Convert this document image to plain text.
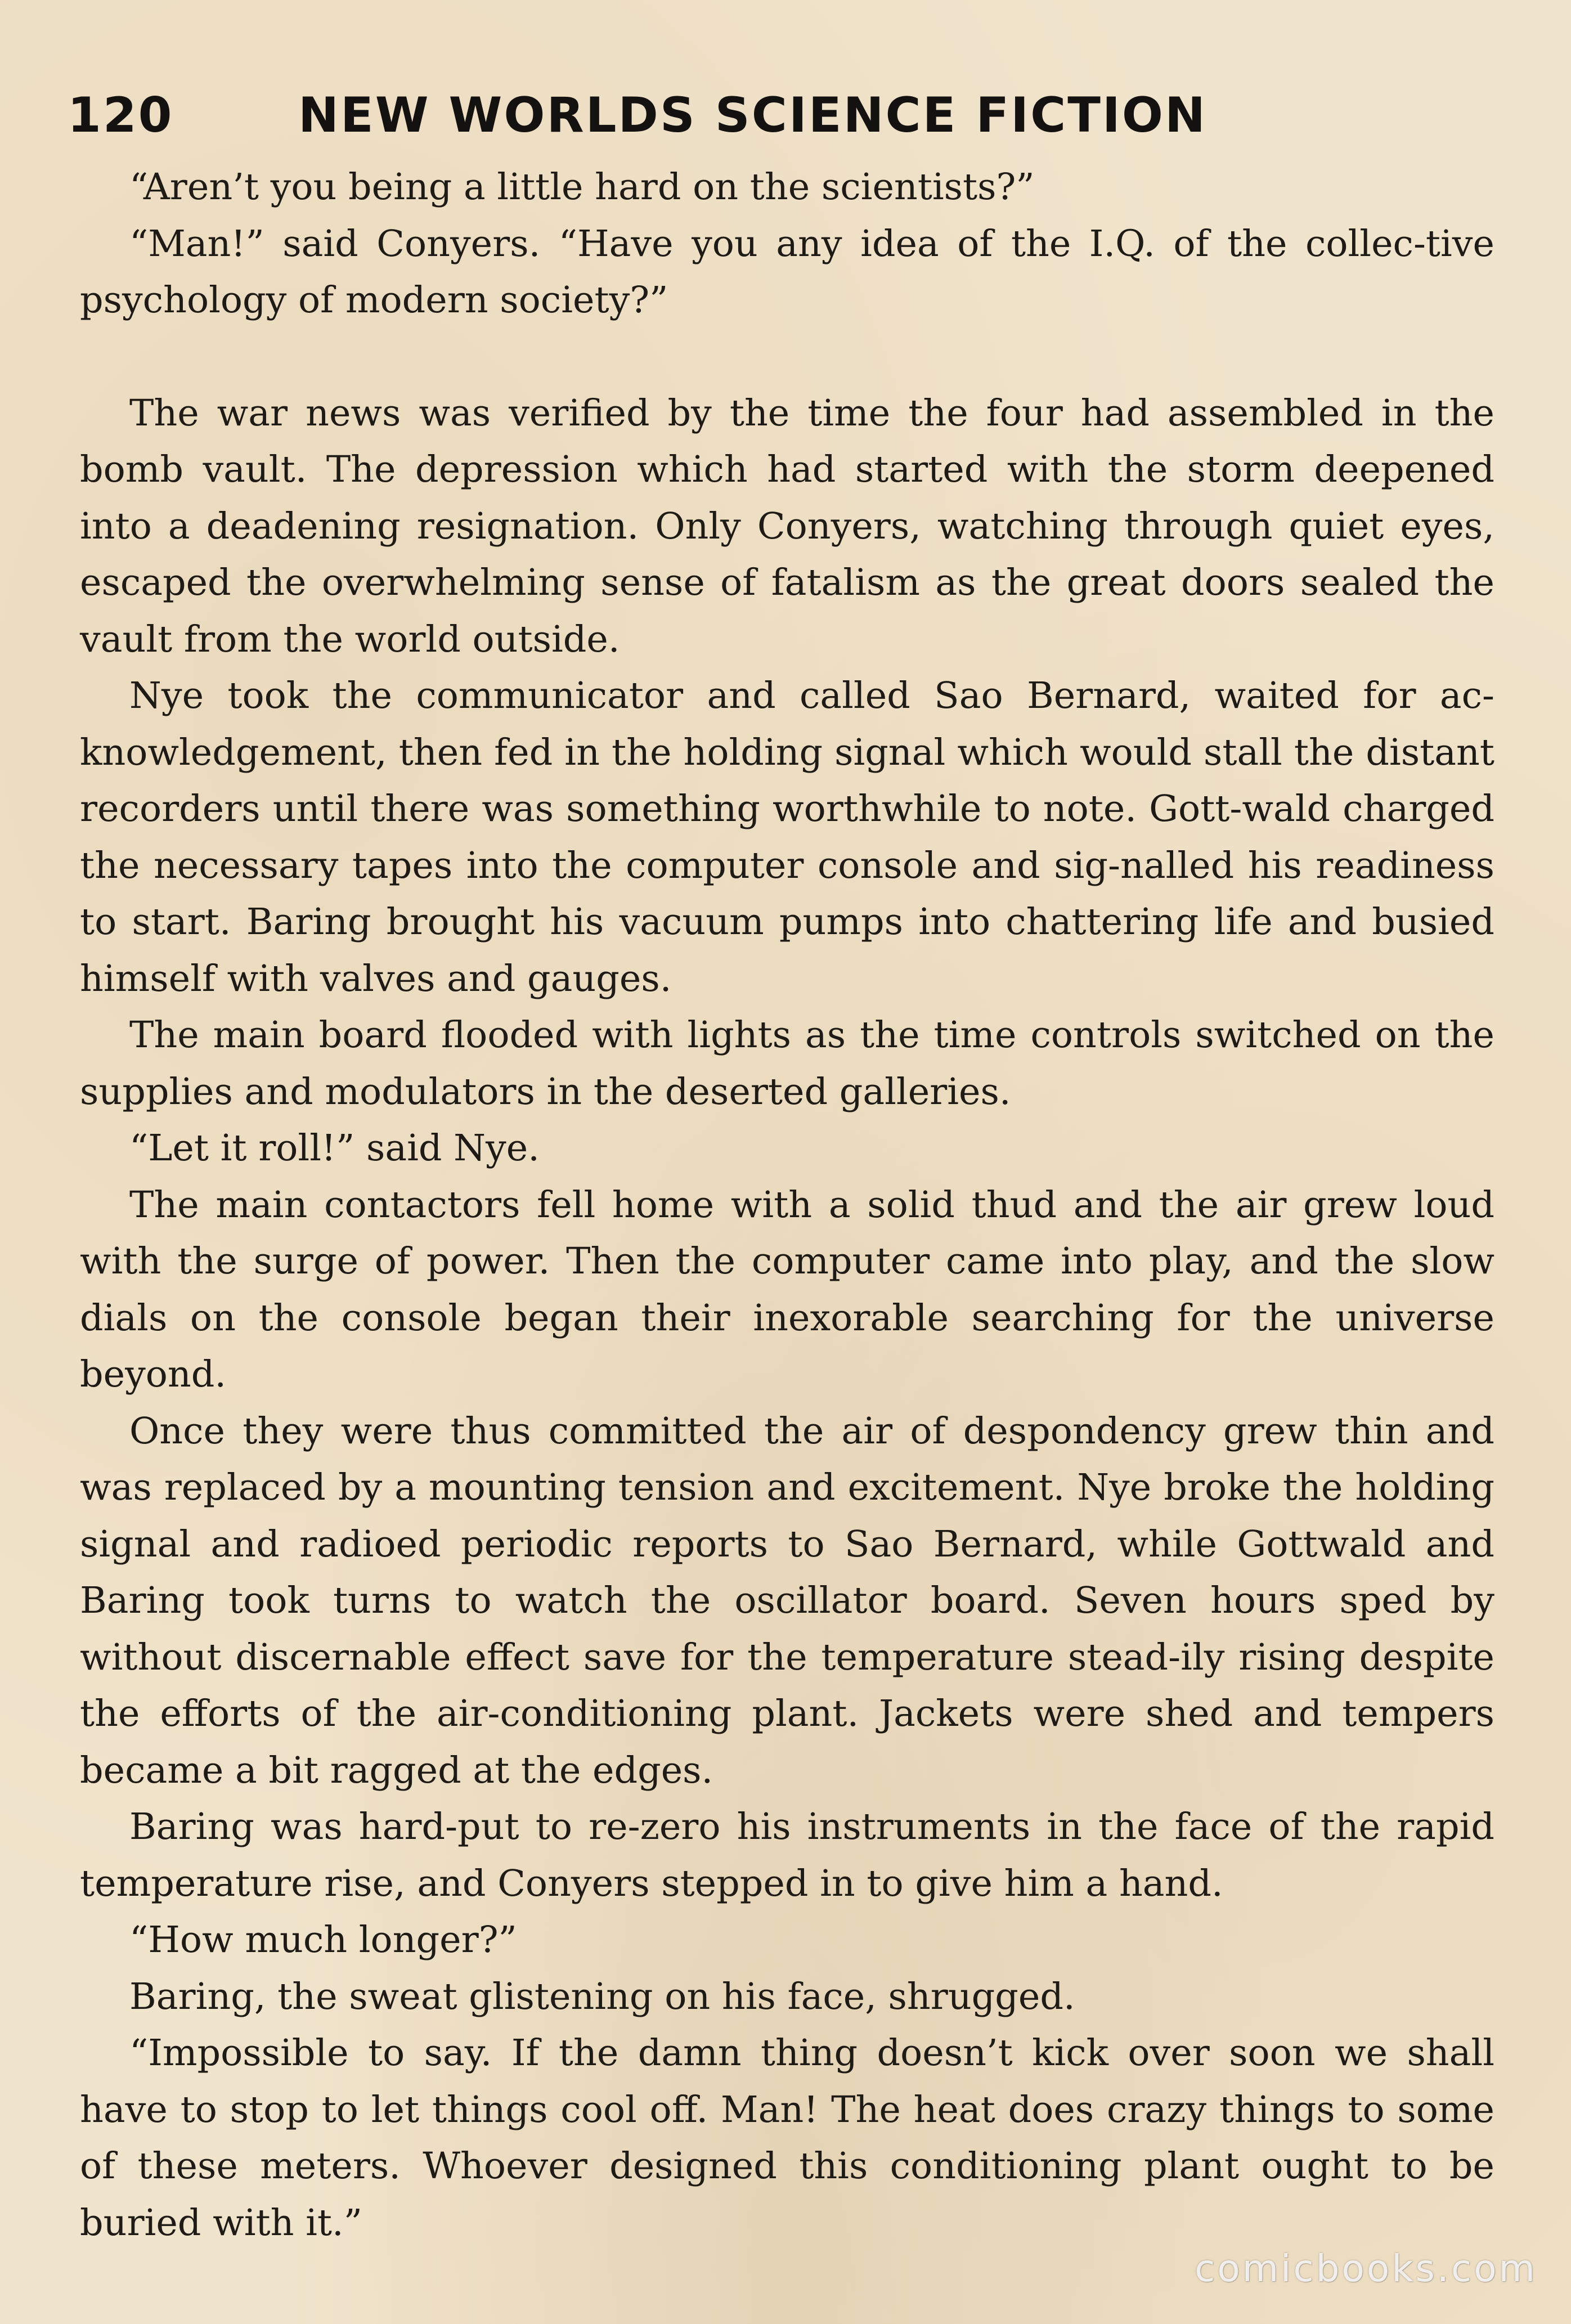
120	NEW WORLDS SCIENCE FICTION

“Aren’t you being a little hard on the scientists?”

“Man!” said Conyers. “Have you any idea of the I.Q. of the collec-tive psychology of modern society?”

The war news was verified by the time the four had assembled in the bomb vault. The depression which had started with the storm deepened into a deadening resignation. Only Conyers, watching through quiet eyes, escaped the overwhelming sense of fatalism as the great doors sealed the vault from the world outside.

Nye took the communicator and called Sao Bernard, waited for ac-knowledgement, then fed in the holding signal which would stall the distant recorders until there was something worthwhile to note. Gott-wald charged the necessary tapes into the computer console and sig-nalled his readiness to start. Baring brought his vacuum pumps into chattering life and busied himself with valves and gauges.

The main board flooded with lights as the time controls switched on the supplies and modulators in the deserted galleries.

“Let it roll!” said Nye.

The main contactors fell home with a solid thud and the air grew loud with the surge of power. Then the computer came into play, and the slow dials on the console began their inexorable searching for the universe beyond.

Once they were thus committed the air of despondency grew thin and was replaced by a mounting tension and excitement. Nye broke the holding signal and radioed periodic reports to Sao Bernard, while Gottwald and Baring took turns to watch the oscillator board. Seven hours sped by without discernable effect save for the temperature stead-ily rising despite the efforts of the air-conditioning plant. Jackets were shed and tempers became a bit ragged at the edges.

Baring was hard-put to re-zero his instruments in the face of the rapid temperature rise, and Conyers stepped in to give him a hand.

“How much longer?”

Baring, the sweat glistening on his face, shrugged.

“Impossible to say. If the damn thing doesn’t kick over soon we shall have to stop to let things cool off. Man! The heat does crazy things to some of these meters. Whoever designed this conditioning plant ought to be buried with it.”

comicbooks.com
